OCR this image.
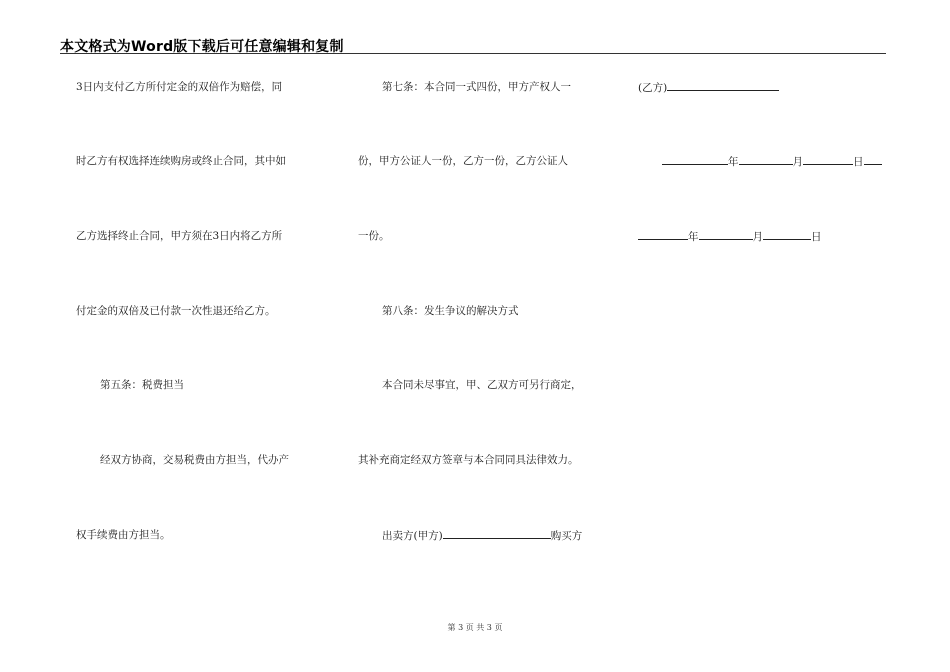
本文格式为Word版下载后可任意编辑和复制
3日内支付乙方所付定金的双倍作为赔偿，同
时乙方有权选择连续购房或终止合同，其中如
乙方选择终止合同，甲方须在3日内将乙方所
付定金的双倍及已付款一次性退还给乙方。
第五条：税费担当
经双方协商，交易税费由方担当，代办产
权手续费由方担当。
第七条：本合同一式四份，甲方产权人一
份，甲方公证人一份，乙方一份，乙方公证人
一份。
第八条：发生争议的解决方式
本合同未尽事宜，甲、乙双方可另行商定，
其补充商定经双方签章与本合同同具法律效力。
出卖方(甲方)	购买方
(乙方)
年	月	日
年	月	日
第 3 页 共 3 页
